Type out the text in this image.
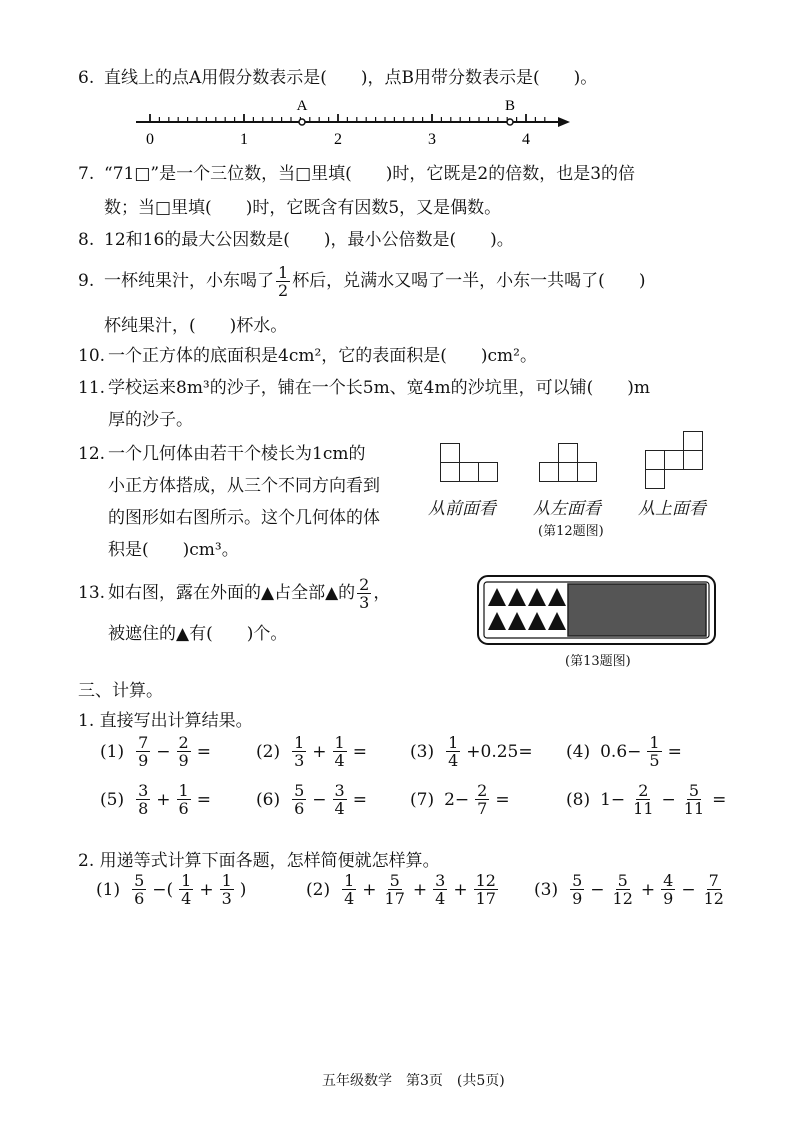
6. 直线上的点A用假分数表示是(　　)，点B用带分数表示是(　　)。
0	1	2	3	4
A	B
7. “71□”是一个三位数，当□里填(　　)时，它既是2的倍数，也是3的倍
数；当□里填(　　)时，它既含有因数5，又是偶数。
8. 12和16的最大公因数是(　　)，最小公倍数是(　　)。
9. 一杯纯果汁，小东喝了 $\frac{1}{2}$ 杯后，兑满水又喝了一半，小东一共喝了(　　)
杯纯果汁，(　　)杯水。
10. 一个正方体的底面积是4cm²，它的表面积是(　　)cm²。
11. 学校运来8m³的沙子，铺在一个长5m、宽4m的沙坑里，可以铺(　　)m
厚的沙子。
12. 一个几何体由若干个棱长为1cm的
小正方体搭成，从三个不同方向看到
的图形如右图所示。这个几何体的体
积是(　　)cm³。
从前面看 从左面看 从上面看
(第12题图)
13. 如右图，露在外面的▲占全部▲的 $\frac{2}{3}$ ，
被遮住的▲有(　　)个。
(第13题图)
三、计算。
1. 直接写出计算结果。
$(1) \frac{7}{9} - \frac{2}{9}$ =	$(2) \frac{1}{3} + \frac{1}{4}$ =	$(3) \frac{1}{4} +0.25= (4)$ $0.6- \frac{1}{5}$ =
$(5) \frac{3}{8} + \frac{1}{6}$ =	$(6) \frac{5}{6} - \frac{3}{4}$ =	(7) $2- \frac{2}{7}$ =	(8) $1- \frac{2}{11} - \frac{5}{11}$ =
2. 用递等式计算下面各题，怎样简便就怎样算。
$(1) \frac{5}{6}$ −( $\frac{1}{4} + \frac{1}{3}$ )	$(2) \frac{1}{4} + \frac{5}{17} + \frac{3}{4} + \frac{12}{17} (3) \frac{5}{9} - \frac{5}{12} + \frac{4}{9} - \frac{7}{12}$
五年级数学　第3页　(共5页)
